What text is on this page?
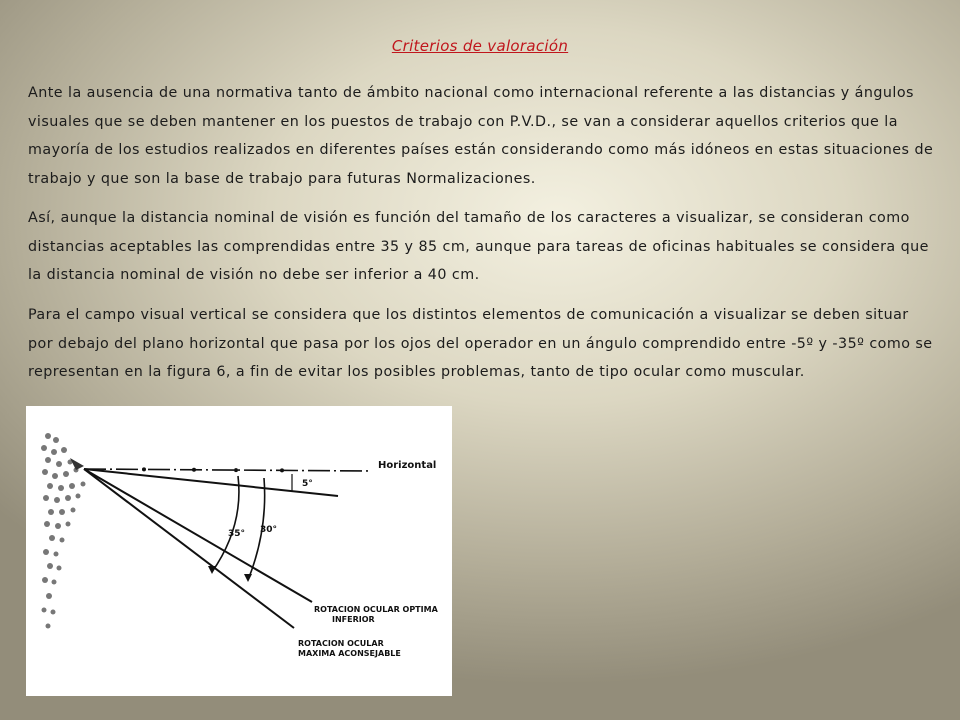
Criterios de valoración

Ante la ausencia de una normativa tanto de ámbito nacional como internacional referente a las distancias y ángulos visuales que se deben mantener en los puestos de trabajo con P.V.D., se van a considerar aquellos criterios que la mayoría de los estudios realizados en diferentes países están considerando como más idóneos en estas situaciones de trabajo y que son la base de trabajo para futuras Normalizaciones.

Así, aunque la distancia nominal de visión es función del tamaño de los caracteres a visualizar, se consideran como distancias aceptables las comprendidas entre 35 y 85 cm, aunque para tareas de oficinas habituales se considera que la distancia nominal de visión no debe ser inferior a 40 cm.

Para el campo visual vertical se considera que los distintos elementos de comunicación a visualizar se deben situar por debajo del plano horizontal que pasa por los ojos del operador en un ángulo comprendido entre -5º y -35º como se representan en la figura 6, a fin de evitar los posibles problemas, tanto de tipo ocular como muscular.

Horizontal
5°
35° 30°
ROTACION OCULAR OPTIMA
INFERIOR
ROTACION OCULAR
MAXIMA ACONSEJABLE
